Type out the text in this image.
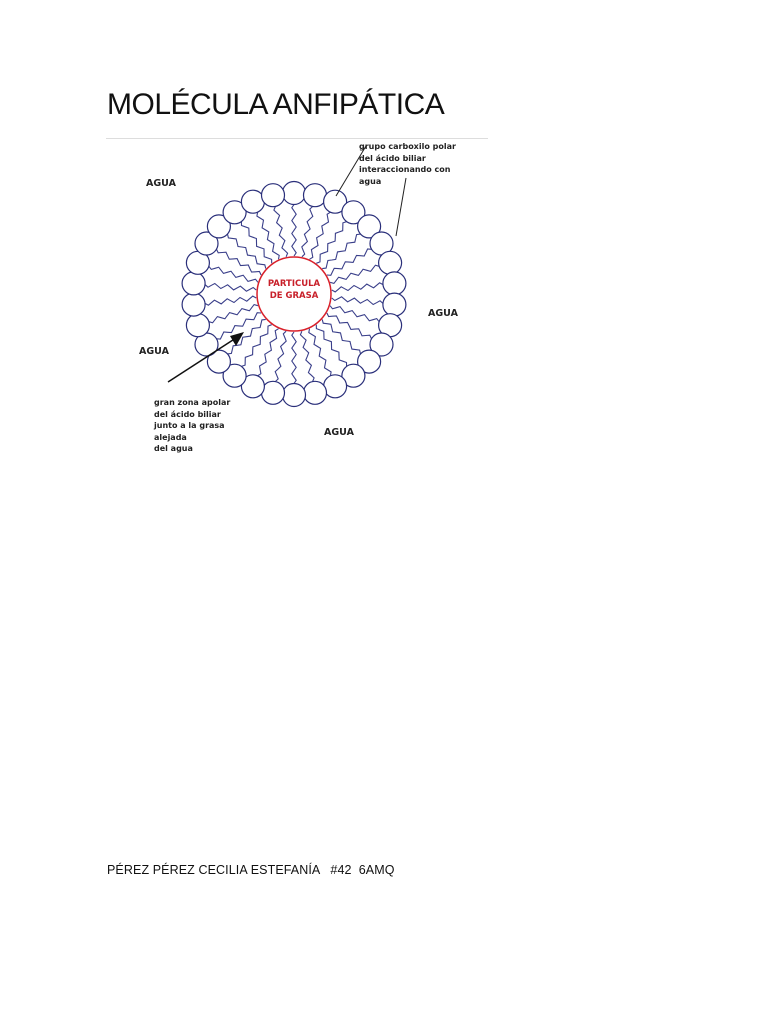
MOLÉCULA ANFIPÁTICA
PARTICULA
DE GRASA
AGUA
AGUA
AGUA
AGUA
grupo carboxilo polar
del ácido biliar
interaccionando con
agua
gran zona apolar
del ácido biliar
junto a la grasa
alejada
del agua

PÉREZ PÉREZ CECILIA ESTEFANÍA   #42  6AMQ
